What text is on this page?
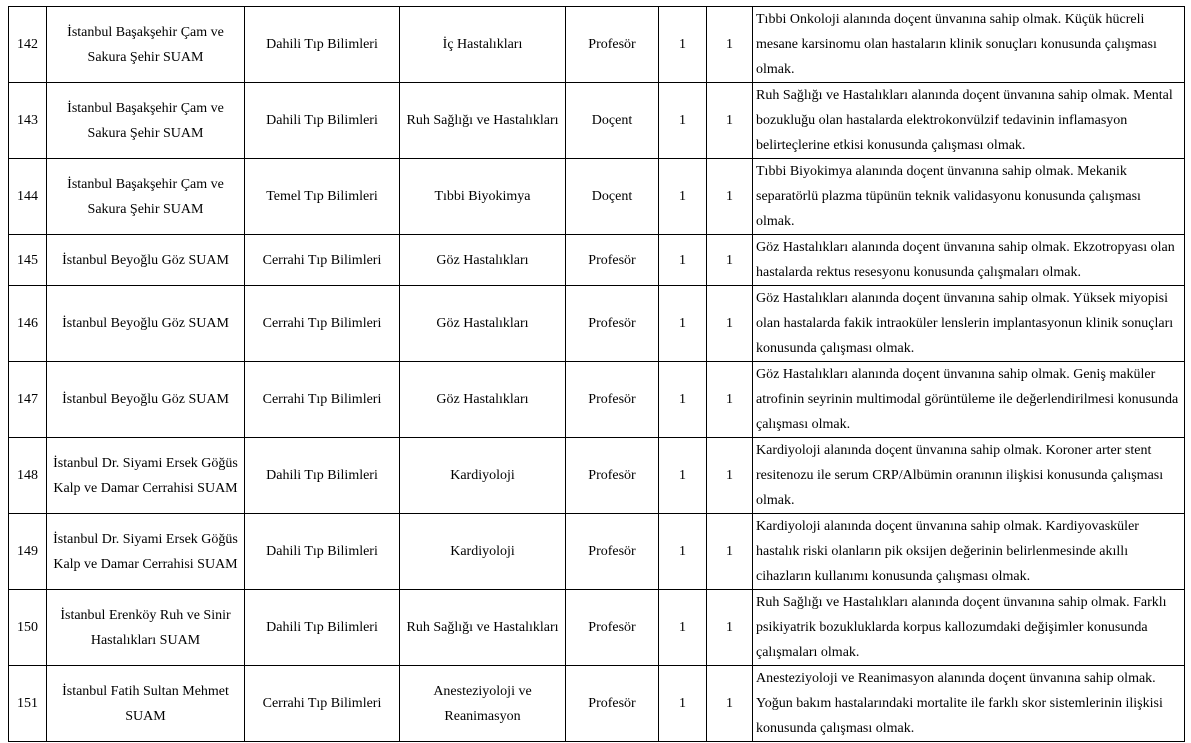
142	İstanbul Başakşehir Çam ve Sakura Şehir SUAM	Dahili Tıp Bilimleri	İç Hastalıkları	Profesör	1	1	Tıbbi Onkoloji alanında doçent ünvanına sahip olmak. Küçük hücreli mesane karsinomu olan hastaların klinik sonuçları konusunda çalışması olmak.
143	İstanbul Başakşehir Çam ve Sakura Şehir SUAM	Dahili Tıp Bilimleri	Ruh Sağlığı ve Hastalıkları	Doçent	1	1	Ruh Sağlığı ve Hastalıkları alanında doçent ünvanına sahip olmak. Mental bozukluğu olan hastalarda elektrokonvülzif tedavinin inflamasyon belirteçlerine etkisi konusunda çalışması olmak.
144	İstanbul Başakşehir Çam ve Sakura Şehir SUAM	Temel Tıp Bilimleri	Tıbbi Biyokimya	Doçent	1	1	Tıbbi Biyokimya alanında doçent ünvanına sahip olmak. Mekanik separatörlü plazma tüpünün teknik validasyonu konusunda çalışması olmak.
145	İstanbul Beyoğlu Göz SUAM	Cerrahi Tıp Bilimleri	Göz Hastalıkları	Profesör	1	1	Göz Hastalıkları alanında doçent ünvanına sahip olmak. Ekzotropyası olan hastalarda rektus resesyonu konusunda çalışmaları olmak.
146	İstanbul Beyoğlu Göz SUAM	Cerrahi Tıp Bilimleri	Göz Hastalıkları	Profesör	1	1	Göz Hastalıkları alanında doçent ünvanına sahip olmak. Yüksek miyopisi olan hastalarda fakik intraoküler lenslerin implantasyonun klinik sonuçları konusunda çalışması olmak.
147	İstanbul Beyoğlu Göz SUAM	Cerrahi Tıp Bilimleri	Göz Hastalıkları	Profesör	1	1	Göz Hastalıkları alanında doçent ünvanına sahip olmak. Geniş maküler atrofinin seyrinin multimodal görüntüleme ile değerlendirilmesi konusunda çalışması olmak.
148	İstanbul Dr. Siyami Ersek Göğüs Kalp ve Damar Cerrahisi SUAM	Dahili Tıp Bilimleri	Kardiyoloji	Profesör	1	1	Kardiyoloji alanında doçent ünvanına sahip olmak. Koroner arter stent resitenozu ile serum CRP/Albümin oranının ilişkisi konusunda çalışması olmak.
149	İstanbul Dr. Siyami Ersek Göğüs Kalp ve Damar Cerrahisi SUAM	Dahili Tıp Bilimleri	Kardiyoloji	Profesör	1	1	Kardiyoloji alanında doçent ünvanına sahip olmak. Kardiyovasküler hastalık riski olanların pik oksijen değerinin belirlenmesinde akıllı cihazların kullanımı konusunda çalışması olmak.
150	İstanbul Erenköy Ruh ve Sinir Hastalıkları SUAM	Dahili Tıp Bilimleri	Ruh Sağlığı ve Hastalıkları	Profesör	1	1	Ruh Sağlığı ve Hastalıkları alanında doçent ünvanına sahip olmak. Farklı psikiyatrik bozukluklarda korpus kallozumdaki değişimler konusunda çalışmaları olmak.
151	İstanbul Fatih Sultan Mehmet SUAM	Cerrahi Tıp Bilimleri	Anesteziyoloji ve Reanimasyon	Profesör	1	1	Anesteziyoloji ve Reanimasyon alanında doçent ünvanına sahip olmak. Yoğun bakım hastalarındaki mortalite ile farklı skor sistemlerinin ilişkisi konusunda çalışması olmak.
